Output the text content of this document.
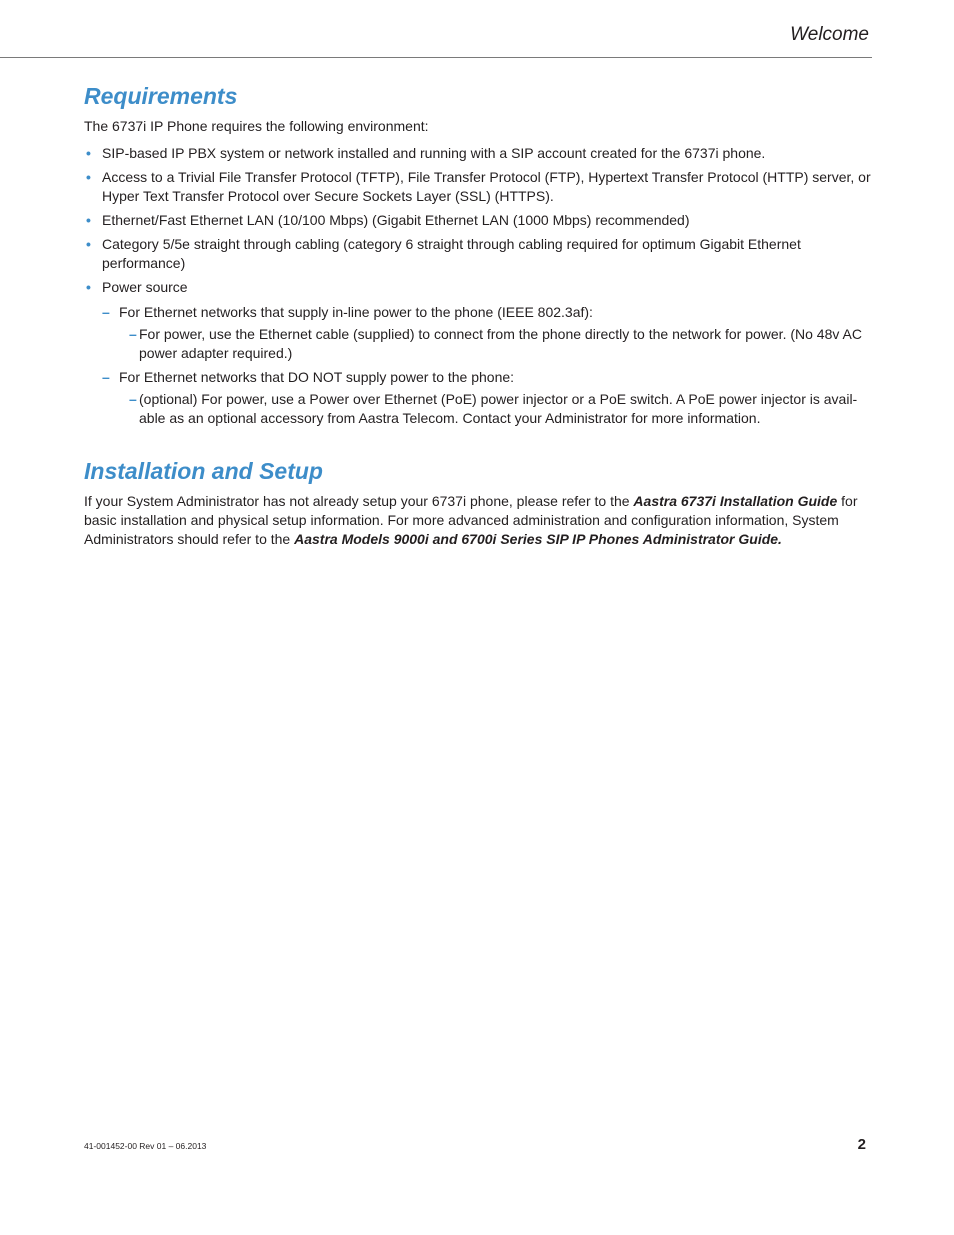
Welcome
Requirements
The 6737i IP Phone requires the following environment:
• SIP-based IP PBX system or network installed and running with a SIP account created for the 6737i phone.
• Access to a Trivial File Transfer Protocol (TFTP), File Transfer Protocol (FTP), Hypertext Transfer Protocol (HTTP) server, or Hyper Text Transfer Protocol over Secure Sockets Layer (SSL) (HTTPS).
• Ethernet/Fast Ethernet LAN (10/100 Mbps) (Gigabit Ethernet LAN (1000 Mbps) recommended)
• Category 5/5e straight through cabling (category 6 straight through cabling required for optimum Gigabit Ethernet performance)
• Power source
– For Ethernet networks that supply in-line power to the phone (IEEE 802.3af):
– For power, use the Ethernet cable (supplied) to connect from the phone directly to the network for power. (No 48v AC power adapter required.)
– For Ethernet networks that DO NOT supply power to the phone:
– (optional) For power, use a Power over Ethernet (PoE) power injector or a PoE switch. A PoE power injector is avail-able as an optional accessory from Aastra Telecom. Contact your Administrator for more information.
Installation and Setup
If your System Administrator has not already setup your 6737i phone, please refer to the Aastra 6737i Installation Guide for basic installation and physical setup information. For more advanced administration and configuration information, System Administrators should refer to the Aastra Models 9000i and 6700i Series SIP IP Phones Administrator Guide.
41-001452-00 Rev 01 – 06.2013	2
